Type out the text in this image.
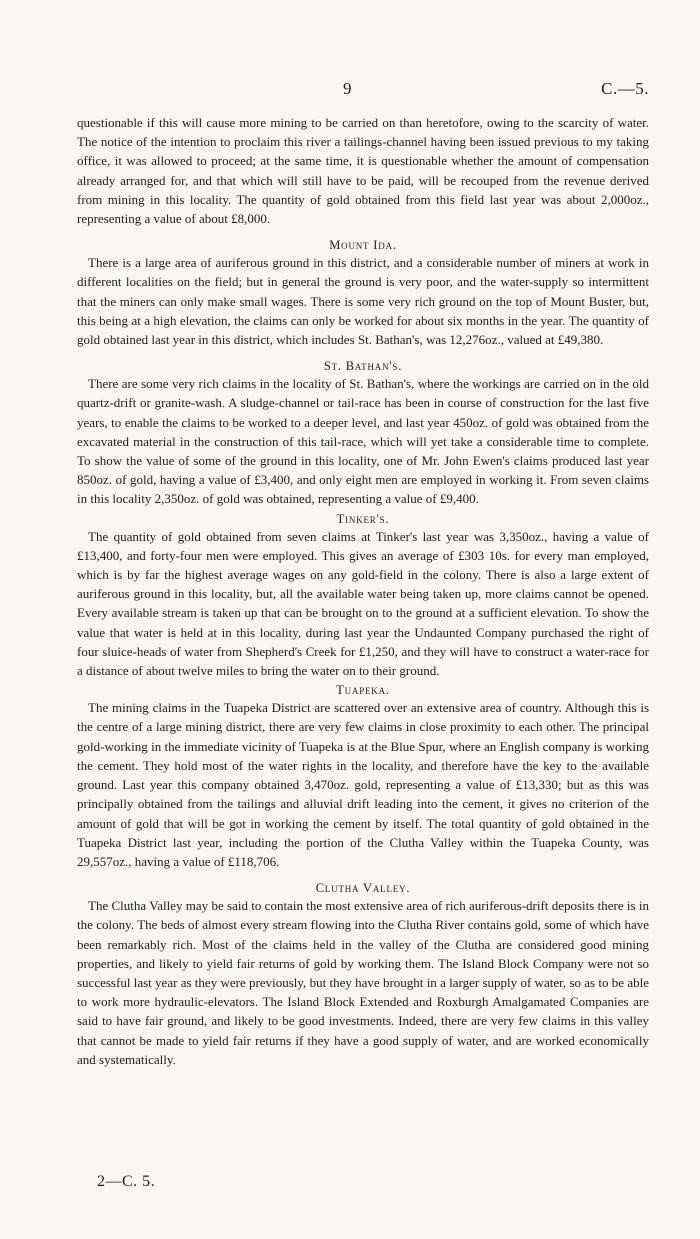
9	C.—5.

questionable if this will cause more mining to be carried on than heretofore, owing to the scarcity of water. The notice of the intention to proclaim this river a tailings-channel having been issued previous to my taking office, it was allowed to proceed; at the same time, it is questionable whether the amount of compensation already arranged for, and that which will still have to be paid, will be recouped from the revenue derived from mining in this locality. The quantity of gold obtained from this field last year was about 2,000oz., representing a value of about £8,000.

Mount Ida.

There is a large area of auriferous ground in this district, and a considerable number of miners at work in different localities on the field; but in general the ground is very poor, and the water-supply so intermittent that the miners can only make small wages. There is some very rich ground on the top of Mount Buster, but, this being at a high elevation, the claims can only be worked for about six months in the year. The quantity of gold obtained last year in this district, which includes St. Bathan's, was 12,276oz., valued at £49,380.

St. Bathan's.

There are some very rich claims in the locality of St. Bathan's, where the workings are carried on in the old quartz-drift or granite-wash. A sludge-channel or tail-race has been in course of construction for the last five years, to enable the claims to be worked to a deeper level, and last year 450oz. of gold was obtained from the excavated material in the construction of this tail-race, which will yet take a considerable time to complete. To show the value of some of the ground in this locality, one of Mr. John Ewen's claims produced last year 850oz. of gold, having a value of £3,400, and only eight men are employed in working it. From seven claims in this locality 2,350oz. of gold was obtained, representing a value of £9,400.

Tinker's.

The quantity of gold obtained from seven claims at Tinker's last year was 3,350oz., having a value of £13,400, and forty-four men were employed. This gives an average of £303 10s. for every man employed, which is by far the highest average wages on any gold-field in the colony. There is also a large extent of auriferous ground in this locality, but, all the available water being taken up, more claims cannot be opened. Every available stream is taken up that can be brought on to the ground at a sufficient elevation. To show the value that water is held at in this locality, during last year the Undaunted Company purchased the right of four sluice-heads of water from Shepherd's Creek for £1,250, and they will have to construct a water-race for a distance of about twelve miles to bring the water on to their ground.

Tuapeka.

The mining claims in the Tuapeka District are scattered over an extensive area of country. Although this is the centre of a large mining district, there are very few claims in close proximity to each other. The principal gold-working in the immediate vicinity of Tuapeka is at the Blue Spur, where an English company is working the cement. They hold most of the water rights in the locality, and therefore have the key to the available ground. Last year this company obtained 3,470oz. gold, representing a value of £13,330; but as this was principally obtained from the tailings and alluvial drift leading into the cement, it gives no criterion of the amount of gold that will be got in working the cement by itself. The total quantity of gold obtained in the Tuapeka District last year, including the portion of the Clutha Valley within the Tuapeka County, was 29,557oz., having a value of £118,706.

Clutha Valley.

The Clutha Valley may be said to contain the most extensive area of rich auriferous-drift deposits there is in the colony. The beds of almost every stream flowing into the Clutha River contains gold, some of which have been remarkably rich. Most of the claims held in the valley of the Clutha are considered good mining properties, and likely to yield fair returns of gold by working them. The Island Block Company were not so successful last year as they were previously, but they have brought in a larger supply of water, so as to be able to work more hydraulic-elevators. The Island Block Extended and Roxburgh Amalgamated Companies are said to have fair ground, and likely to be good investments. Indeed, there are very few claims in this valley that cannot be made to yield fair returns if they have a good supply of water, and are worked economically and systematically.

2—C. 5.
